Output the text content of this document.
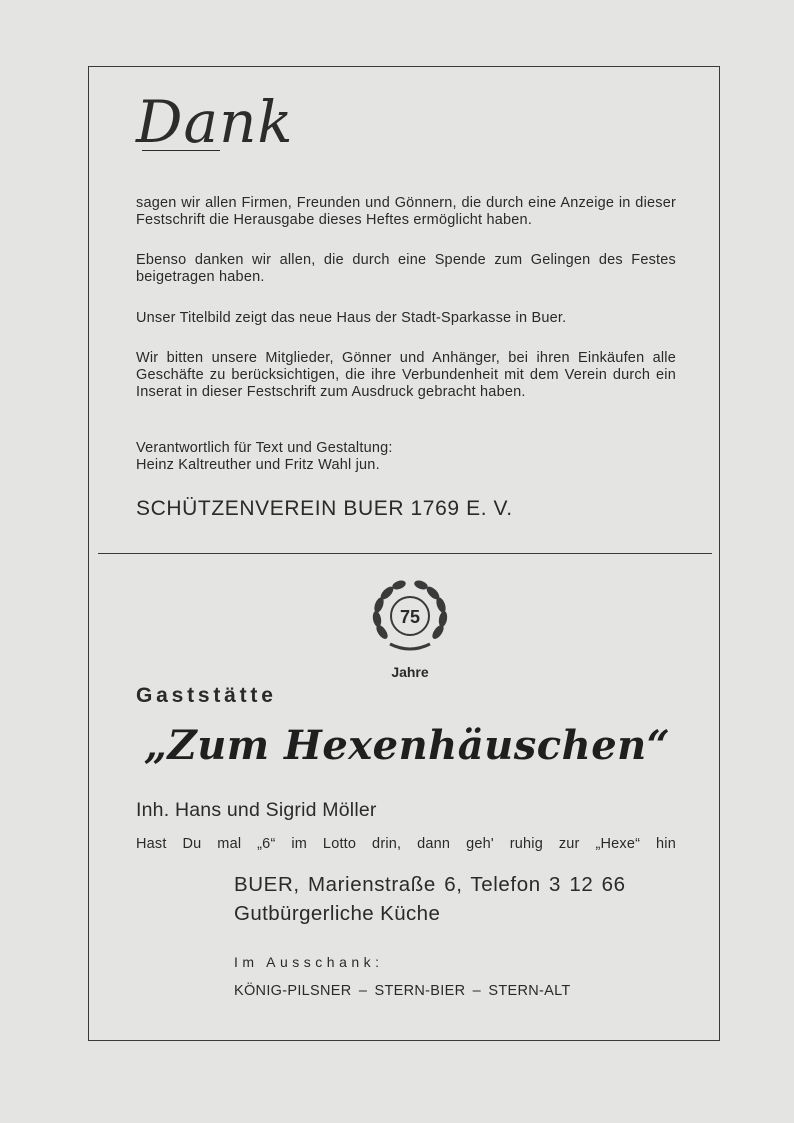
Dank

sagen wir allen Firmen, Freunden und Gönnern, die durch eine Anzeige in dieser Festschrift die Herausgabe dieses Heftes ermöglicht haben.

Ebenso danken wir allen, die durch eine Spende zum Gelingen des Festes beigetragen haben.

Unser Titelbild zeigt das neue Haus der Stadt-Sparkasse in Buer.

Wir bitten unsere Mitglieder, Gönner und Anhänger, bei ihren Einkäufen alle Geschäfte zu berücksichtigen, die ihre Verbundenheit mit dem Verein durch ein Inserat in dieser Festschrift zum Ausdruck gebracht haben.

Verantwortlich für Text und Gestaltung:
Heinz Kaltreuther und Fritz Wahl jun.

SCHÜTZENVEREIN BUER 1769 E. V.
75
Jahre
Gaststätte
„Zum Hexenhäuschen“
Inh. Hans und Sigrid Möller
Hast Du mal „6“ im Lotto drin, dann geh' ruhig zur „Hexe“ hin
BUER, Marienstraße 6, Telefon 3 12 66
Gutbürgerliche Küche
Im Ausschank:
KÖNIG-PILSNER – STERN-BIER – STERN-ALT
